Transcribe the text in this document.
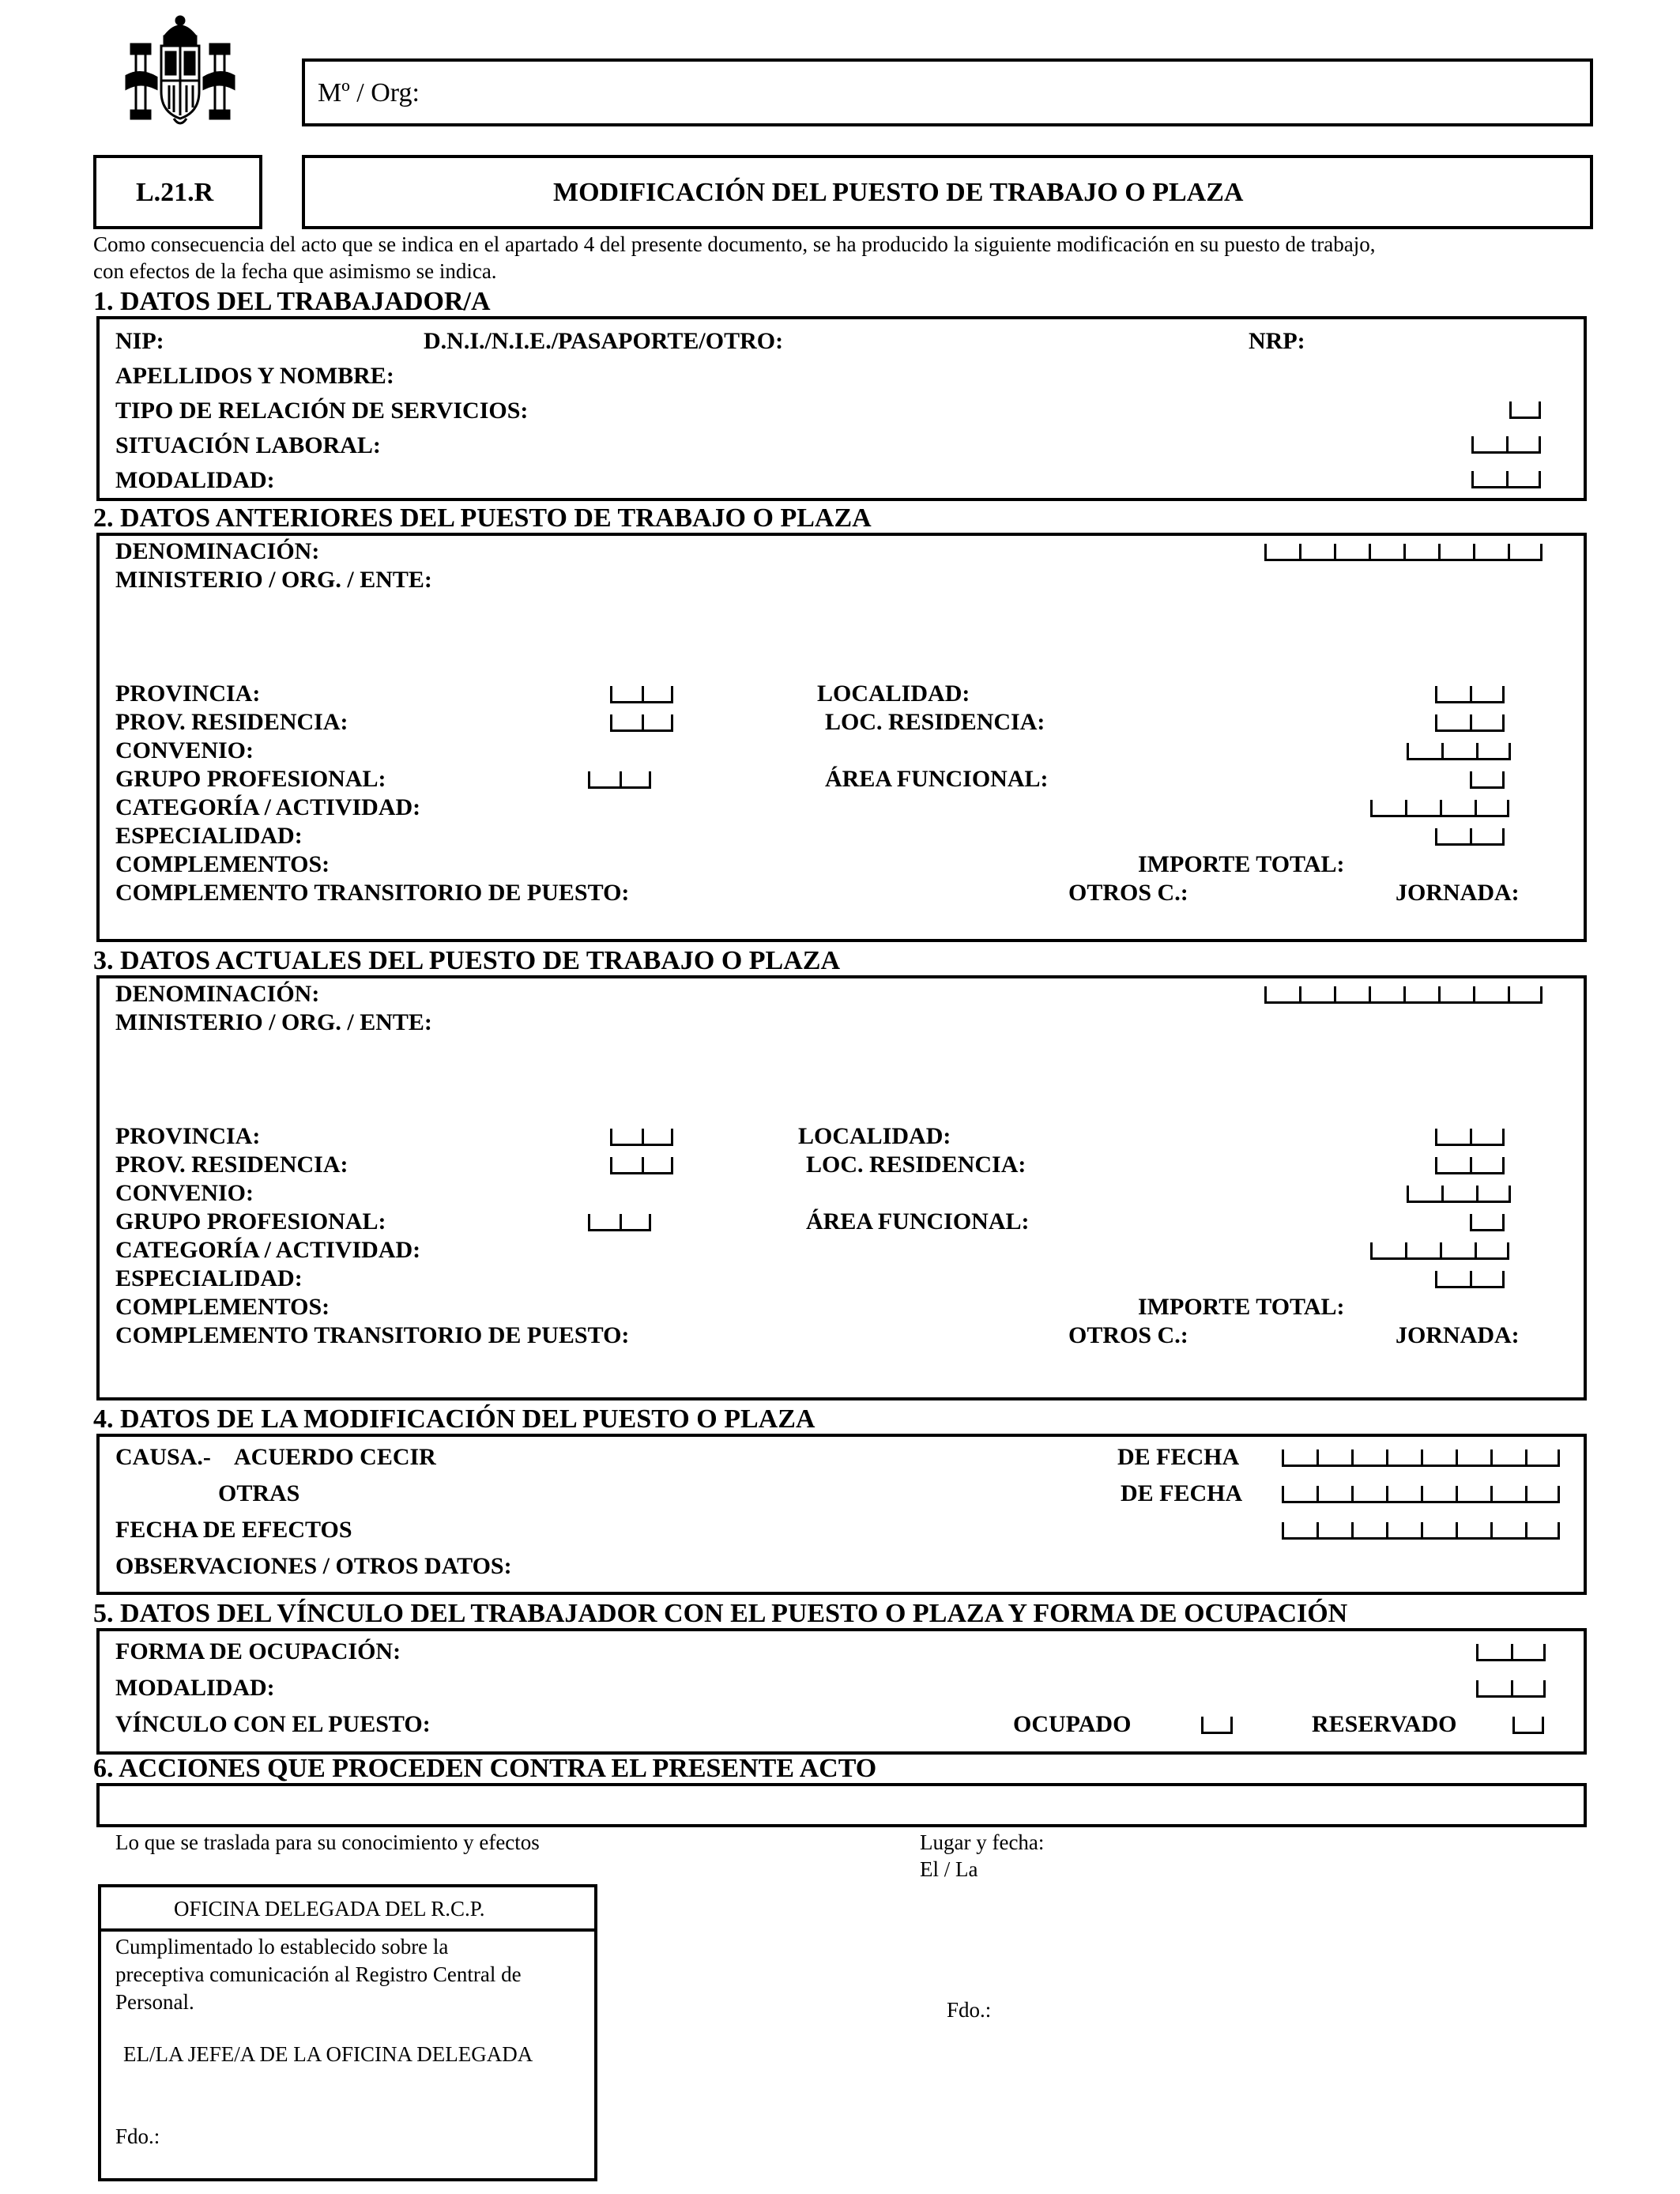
Mº / Org:
L.21.R	MODIFICACIÓN DEL PUESTO DE TRABAJO O PLAZA
Como consecuencia del acto que se indica en el apartado 4 del presente documento, se ha producido la siguiente modificación en su puesto de trabajo,
con efectos de la fecha que asimismo se indica.
1. DATOS DEL TRABAJADOR/A
NIP:	D.N.I./N.I.E./PASAPORTE/OTRO:	NRP:
APELLIDOS Y NOMBRE:
TIPO DE RELACIÓN DE SERVICIOS:
SITUACIÓN LABORAL:
MODALIDAD:
2. DATOS ANTERIORES DEL PUESTO DE TRABAJO O PLAZA
DENOMINACIÓN:
MINISTERIO / ORG. / ENTE:
PROVINCIA:	LOCALIDAD:
PROV. RESIDENCIA:	LOC. RESIDENCIA:
CONVENIO:
GRUPO PROFESIONAL:	ÁREA FUNCIONAL:
CATEGORÍA / ACTIVIDAD:
ESPECIALIDAD:
COMPLEMENTOS:	IMPORTE TOTAL:
COMPLEMENTO TRANSITORIO DE PUESTO:	OTROS C.:	JORNADA:
3. DATOS ACTUALES DEL PUESTO DE TRABAJO O PLAZA
DENOMINACIÓN:
MINISTERIO / ORG. / ENTE:
PROVINCIA:	LOCALIDAD:
PROV. RESIDENCIA:	LOC. RESIDENCIA:
CONVENIO:
GRUPO PROFESIONAL:	ÁREA FUNCIONAL:
CATEGORÍA / ACTIVIDAD:
ESPECIALIDAD:
COMPLEMENTOS:	IMPORTE TOTAL:
COMPLEMENTO TRANSITORIO DE PUESTO:	OTROS C.:	JORNADA:
4. DATOS DE LA MODIFICACIÓN DEL PUESTO O PLAZA
CAUSA.- ACUERDO CECIR	DE FECHA
OTRAS	DE FECHA
FECHA DE EFECTOS
OBSERVACIONES / OTROS DATOS:
5. DATOS DEL VÍNCULO DEL TRABAJADOR CON EL PUESTO O PLAZA Y FORMA DE OCUPACIÓN
FORMA DE OCUPACIÓN:
MODALIDAD:
VÍNCULO CON EL PUESTO:	OCUPADO	RESERVADO
6. ACCIONES QUE PROCEDEN CONTRA EL PRESENTE ACTO
Lo que se traslada para su conocimiento y efectos	Lugar y fecha:
El / La
OFICINA DELEGADA DEL R.C.P.
Cumplimentado lo establecido sobre la
preceptiva comunicación al Registro Central de
Personal.
EL/LA JEFE/A DE LA OFICINA DELEGADA
Fdo.:
Fdo.:
